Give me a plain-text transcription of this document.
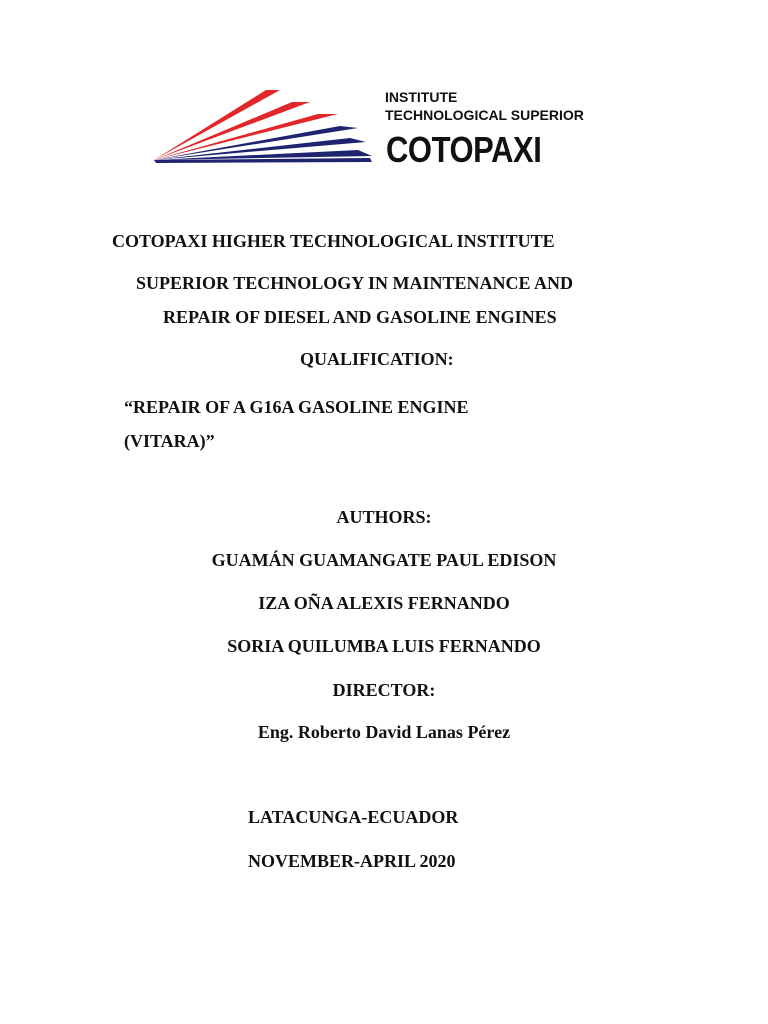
INSTITUTE
TECHNOLOGICAL SUPERIOR
COTOPAXI
COTOPAXI HIGHER TECHNOLOGICAL INSTITUTE
SUPERIOR TECHNOLOGY IN MAINTENANCE AND
REPAIR OF DIESEL AND GASOLINE ENGINES
QUALIFICATION:
“REPAIR OF A G16A GASOLINE ENGINE
(VITARA)”
AUTHORS:
GUAMÁN GUAMANGATE PAUL EDISON
IZA OÑA ALEXIS FERNANDO
SORIA QUILUMBA LUIS FERNANDO
DIRECTOR:
Eng. Roberto David Lanas Pérez
LATACUNGA-ECUADOR
NOVEMBER-APRIL 2020
